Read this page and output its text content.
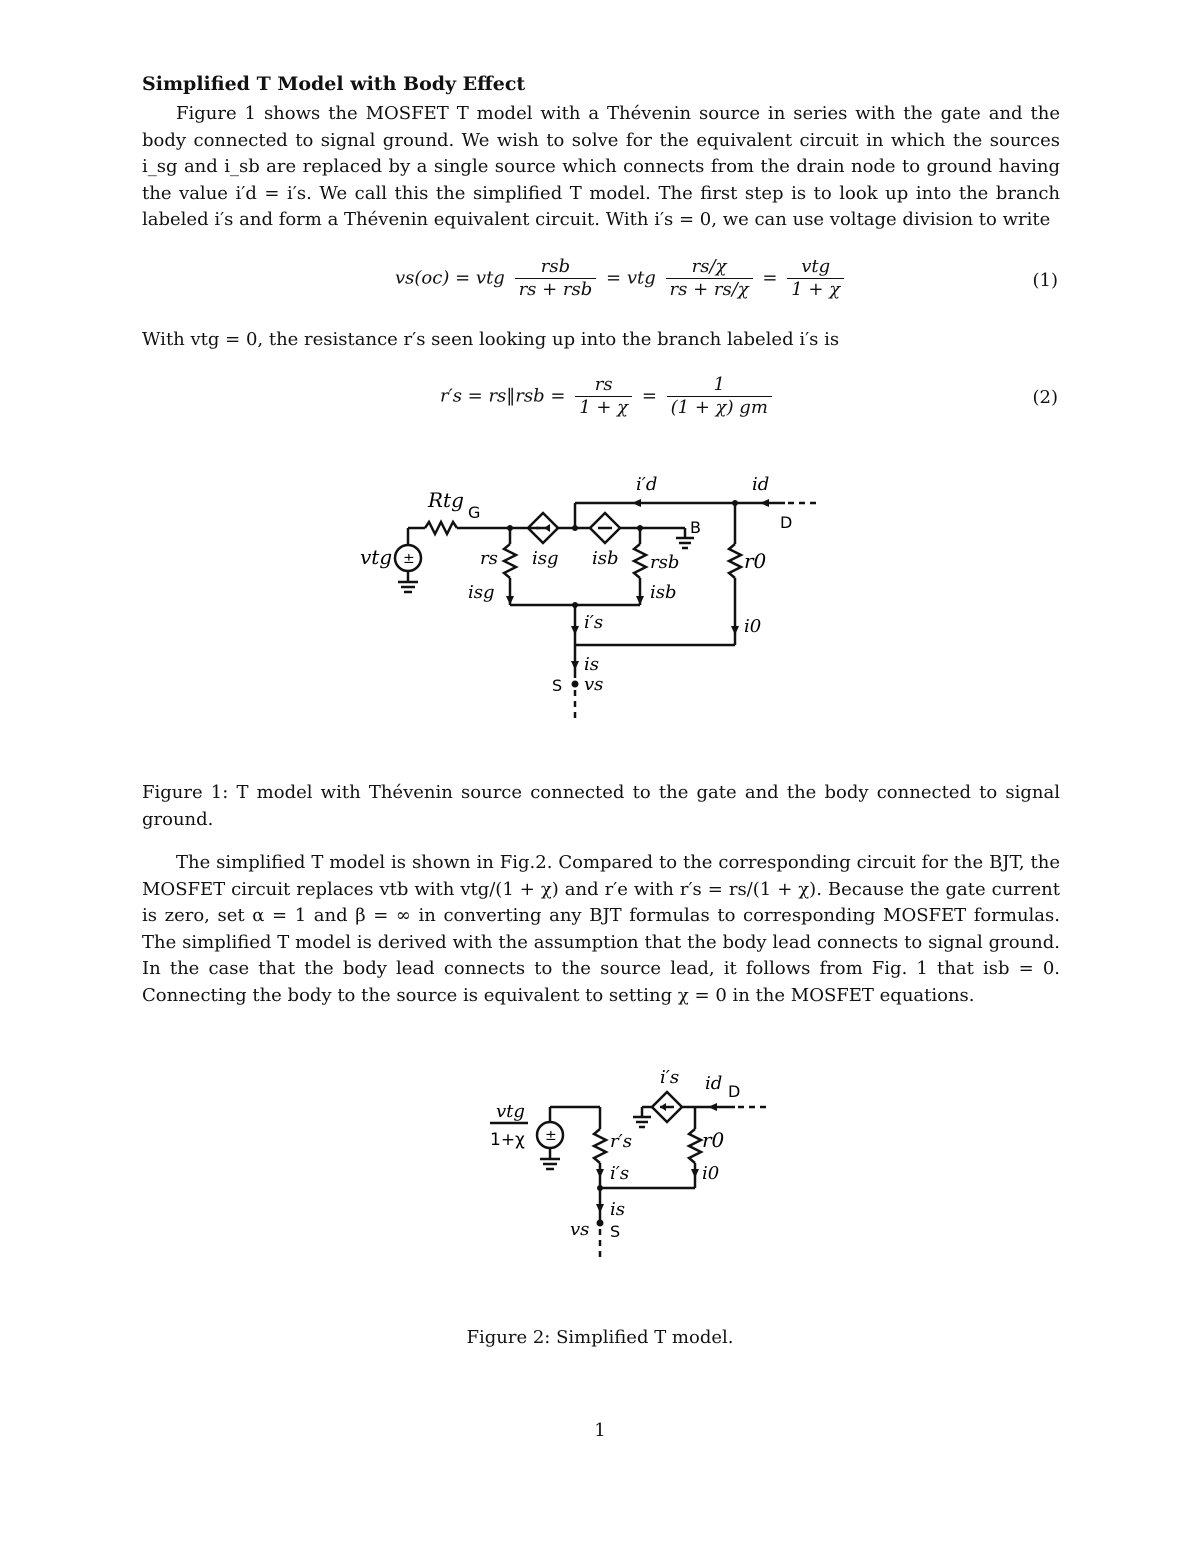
Simplified T Model with Body Effect
Figure 1 shows the MOSFET T model with a Thévenin source in series with the gate and the body connected to signal ground. We wish to solve for the equivalent circuit in which the sources i_sg and i_sb are replaced by a single source which connects from the drain node to ground having the value i′d = i′s. We call this the simplified T model. The first step is to look up into the branch labeled i′s and form a Thévenin equivalent circuit. With i′s = 0, we can use voltage division to write
vs(oc) = vtg $\frac{\text{rsb}}{\text{rs + rsb}}$ = vtg $\frac{rs/\chi}{rs + rs/\chi} = \frac{\text{vtg}}{1 + \chi}$	(1)
With vtg = 0, the resistance r′s seen looking up into the branch labeled i′s is
r′s = rs‖rsb = $\frac{rs}{1 + \chi} = \frac{1}{(1 + \chi) gm}$	(2)
±
vtg
Rtg
G
rs
isg
isg isb rsb
isb
B
i′d	id
D
r0
i0
i′s
is
vs
S
Figure 1: T model with Thévenin source connected to the gate and the body connected to signal ground.
The simplified T model is shown in Fig.2. Compared to the corresponding circuit for the BJT, the MOSFET circuit replaces vtb with vtg/(1 + χ) and r′e with r′s = rs/(1 + χ). Because the gate current is zero, set α = 1 and β = ∞ in converting any BJT formulas to corresponding MOSFET formulas. The simplified T model is derived with the assumption that the body lead connects to signal ground. In the case that the body lead connects to the source lead, it follows from Fig. 1 that isb = 0. Connecting the body to the source is equivalent to setting χ = 0 in the MOSFET equations.
vtg
1+χ ±	r′s
i′s
i′s id D
r0
i0
is
vs S
Figure 2: Simplified T model.
1
